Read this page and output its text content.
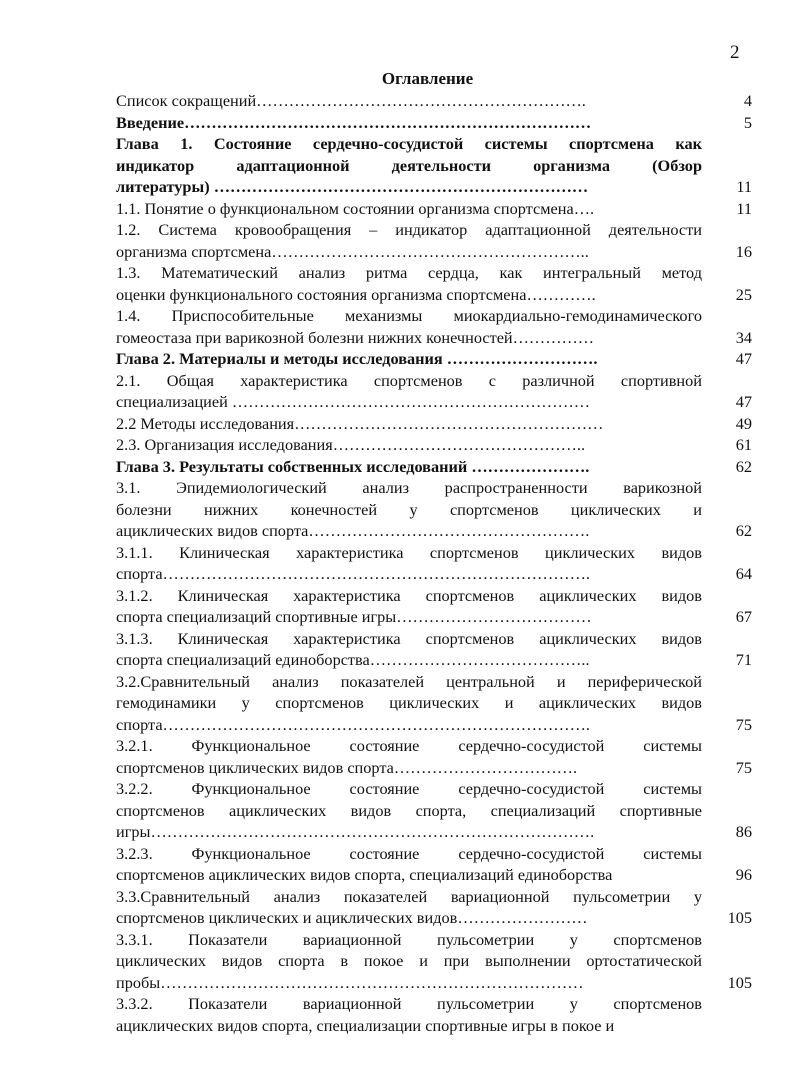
2
Оглавление
Список сокращений…………………………………………………….	4
Введение…………………………………………………………………	5
Глава 1. Состояние сердечно-сосудистой системы спортсмена как
индикатор адаптационной деятельности организма (Обзор
литературы) ……………………………………………………………	11
1.1. Понятие о функциональном состоянии организма спортсмена….	11
1.2. Система кровообращения – индикатор адаптационной деятельности
организма спортсмена…………………………………………………..	16
1.3. Математический анализ ритма сердца, как интегральный метод
оценки функционального состояния организма спортсмена………….	25
1.4. Приспособительные механизмы миокардиально-гемодинамического
гомеостаза при варикозной болезни нижних конечностей……………	34
Глава 2. Материалы и методы исследования ……………………….	47
2.1. Общая характеристика спортсменов с различной спортивной
специализацией …………………………………………………………	47
2.2 Методы исследования…………………………………………………	49
2.3. Организация исследования………………………………………..	61
Глава 3. Результаты собственных исследований ………………….	62
3.1. Эпидемиологический анализ распространенности варикозной
болезни нижних конечностей у спортсменов циклических и
ациклических видов спорта…………………………………………….	62
3.1.1. Клиническая характеристика спортсменов циклических видов
спорта…………………………………………………………………….	64
3.1.2. Клиническая характеристика спортсменов ациклических видов
спорта специализаций спортивные игры………………………………	67
3.1.3. Клиническая характеристика спортсменов ациклических видов
спорта специализаций единоборства…………………………………..	71
3.2.Сравнительный анализ показателей центральной и периферической
гемодинамики у спортсменов циклических и ациклических видов
спорта…………………………………………………………………….	75
3.2.1. Функциональное состояние сердечно-сосудистой системы
спортсменов циклических видов спорта…………………………….	75
3.2.2. Функциональное состояние сердечно-сосудистой системы
спортсменов ациклических видов спорта, специализаций спортивные
игры……………………………………………………………………….	86
3.2.3. Функциональное состояние сердечно-сосудистой системы
спортсменов ациклических видов спорта, специализаций единоборства	96
3.3.Сравнительный анализ показателей вариационной пульсометрии у
спортсменов циклических и ациклических видов……………………	105
3.3.1. Показатели вариационной пульсометрии у спортсменов
циклических видов спорта в покое и при выполнении ортостатической
пробы……………………………………………………………………	105
3.3.2. Показатели вариационной пульсометрии у спортсменов
ациклических видов спорта, специализации спортивные игры в покое и
